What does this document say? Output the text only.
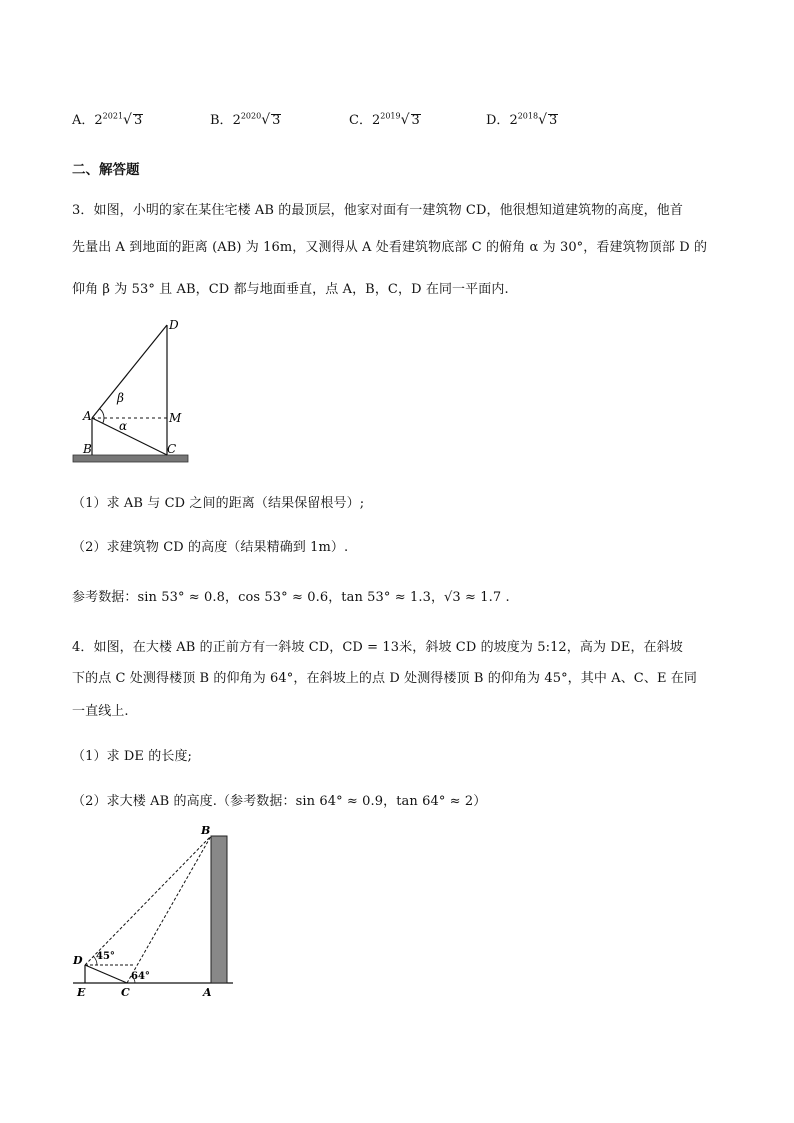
A．$2^{2021}√$ 3	B．$2^{2020}√$ 3	C．$2^{2019}√$ 3	D．$2^{2018}√$ 3
二、解答题
3．如图，小明的家在某住宅楼 AB 的最顶层，他家对面有一建筑物 CD，他很想知道建筑物的高度，他首
先量出 A 到地面的距离 (AB) 为 16m，又测得从 A 处看建筑物底部 C 的俯角 α 为 30°，看建筑物顶部 D 的
仰角 β 为 53° 且 AB，CD 都与地面垂直，点 A，B，C，D 在同一平面内.
D
A	M
B	C
β
α
（1）求 AB 与 CD 之间的距离（结果保留根号）;
（2）求建筑物 CD 的高度（结果精确到 1m）.
参考数据：sin 53° ≈ 0.8，cos 53° ≈ 0.6，tan 53° ≈ 1.3，√3 ≈ 1.7 .
4．如图，在大楼 AB 的正前方有一斜坡 CD，CD = 13米，斜坡 CD 的坡度为 5:12，高为 DE，在斜坡
下的点 C 处测得楼顶 B 的仰角为 64°，在斜坡上的点 D 处测得楼顶 B 的仰角为 45°，其中 A、C、E 在同
一直线上.
（1）求 DE 的长度;
（2）求大楼 AB 的高度.（参考数据：sin 64° ≈ 0.9，tan 64° ≈ 2）
B
D
E	C	A
45°
64°
